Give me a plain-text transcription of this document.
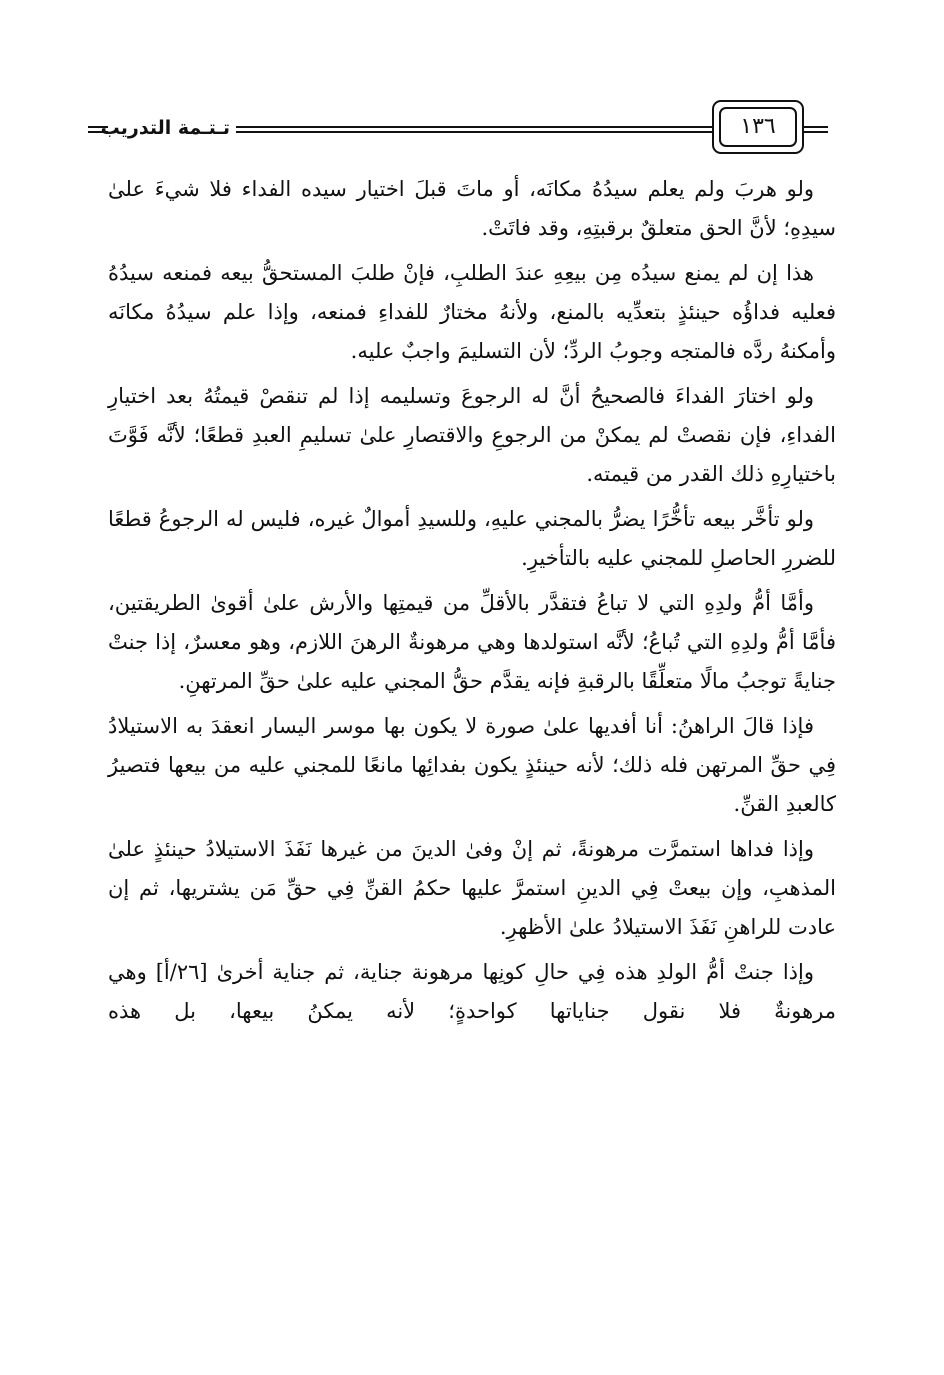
تـتـمة التدريب	١٣٦

ولو هربَ ولم يعلم سيدُهُ مكانَه، أو ماتَ قبلَ اختيار سيده الفداء فلا شيءَ علىٰ سيدِهِ؛ لأنَّ الحق متعلقٌ برقبتِهِ، وقد فاتَتْ.

هذا إن لم يمنع سيدُه مِن بيعِهِ عندَ الطلبِ، فإنْ طلبَ المستحقُّ بيعه فمنعه سيدُهُ فعليه فداؤُه حينئذٍ بتعدِّيه بالمنع، ولأنهُ مختارٌ للفداءِ فمنعه، وإذا علم سيدُهُ مكانَه وأمكنهُ ردَّه فالمتجه وجوبُ الردِّ؛ لأن التسليمَ واجبٌ عليه.

ولو اختارَ الفداءَ فالصحيحُ أنَّ له الرجوعَ وتسليمه إذا لم تنقصْ قيمتُهُ بعد اختيارِ الفداءِ، فإن نقصتْ لم يمكنْ من الرجوعِ والاقتصارِ علىٰ تسليمِ العبدِ قطعًا؛ لأنَّه فَوَّتَ باختيارِهِ ذلك القدر من قيمته.

ولو تأخَّر بيعه تأخُّرًا يضرُّ بالمجني عليهِ، وللسيدِ أموالٌ غيره، فليس له الرجوعُ قطعًا للضررِ الحاصلِ للمجني عليه بالتأخيرِ.

وأمَّا أمُّ ولدِهِ التي لا تباعُ فتقدَّر بالأقلِّ من قيمتِها والأرش علىٰ أقوىٰ الطريقتين، فأمَّا أمُّ ولدِهِ التي تُباعُ؛ لأنَّه استولدها وهي مرهونةٌ الرهنَ اللازم، وهو معسرٌ، إذا جنتْ جنايةً توجبُ مالًا متعلِّقًا بالرقبةِ فإنه يقدَّم حقُّ المجني عليه علىٰ حقِّ المرتهنِ.

فإذا قالَ الراهنُ: أنا أفديها علىٰ صورة لا يكون بها موسر اليسار انعقدَ به الاستيلادُ فِي حقِّ المرتهن فله ذلك؛ لأنه حينئذٍ يكون بفدائِها مانعًا للمجني عليه من بيعها فتصيرُ كالعبدِ القنِّ.

وإذا فداها استمرَّت مرهونةً، ثم إنْ وفىٰ الدينَ من غيرها نَفَذَ الاستيلادُ حينئذٍ علىٰ المذهبِ، وإن بيعتْ فِي الدينِ استمرَّ عليها حكمُ القنِّ فِي حقِّ مَن يشتريها، ثم إن عادت للراهنِ نَفَذَ الاستيلادُ علىٰ الأظهرِ.

وإذا جنتْ أمُّ الولدِ هذه فِي حالِ كونِها مرهونة جناية، ثم جناية أخرىٰ [٢٦/أ] وهي مرهونةٌ فلا نقول جناياتها كواحدةٍ؛ لأنه يمكنُ بيعها، بل هذه
